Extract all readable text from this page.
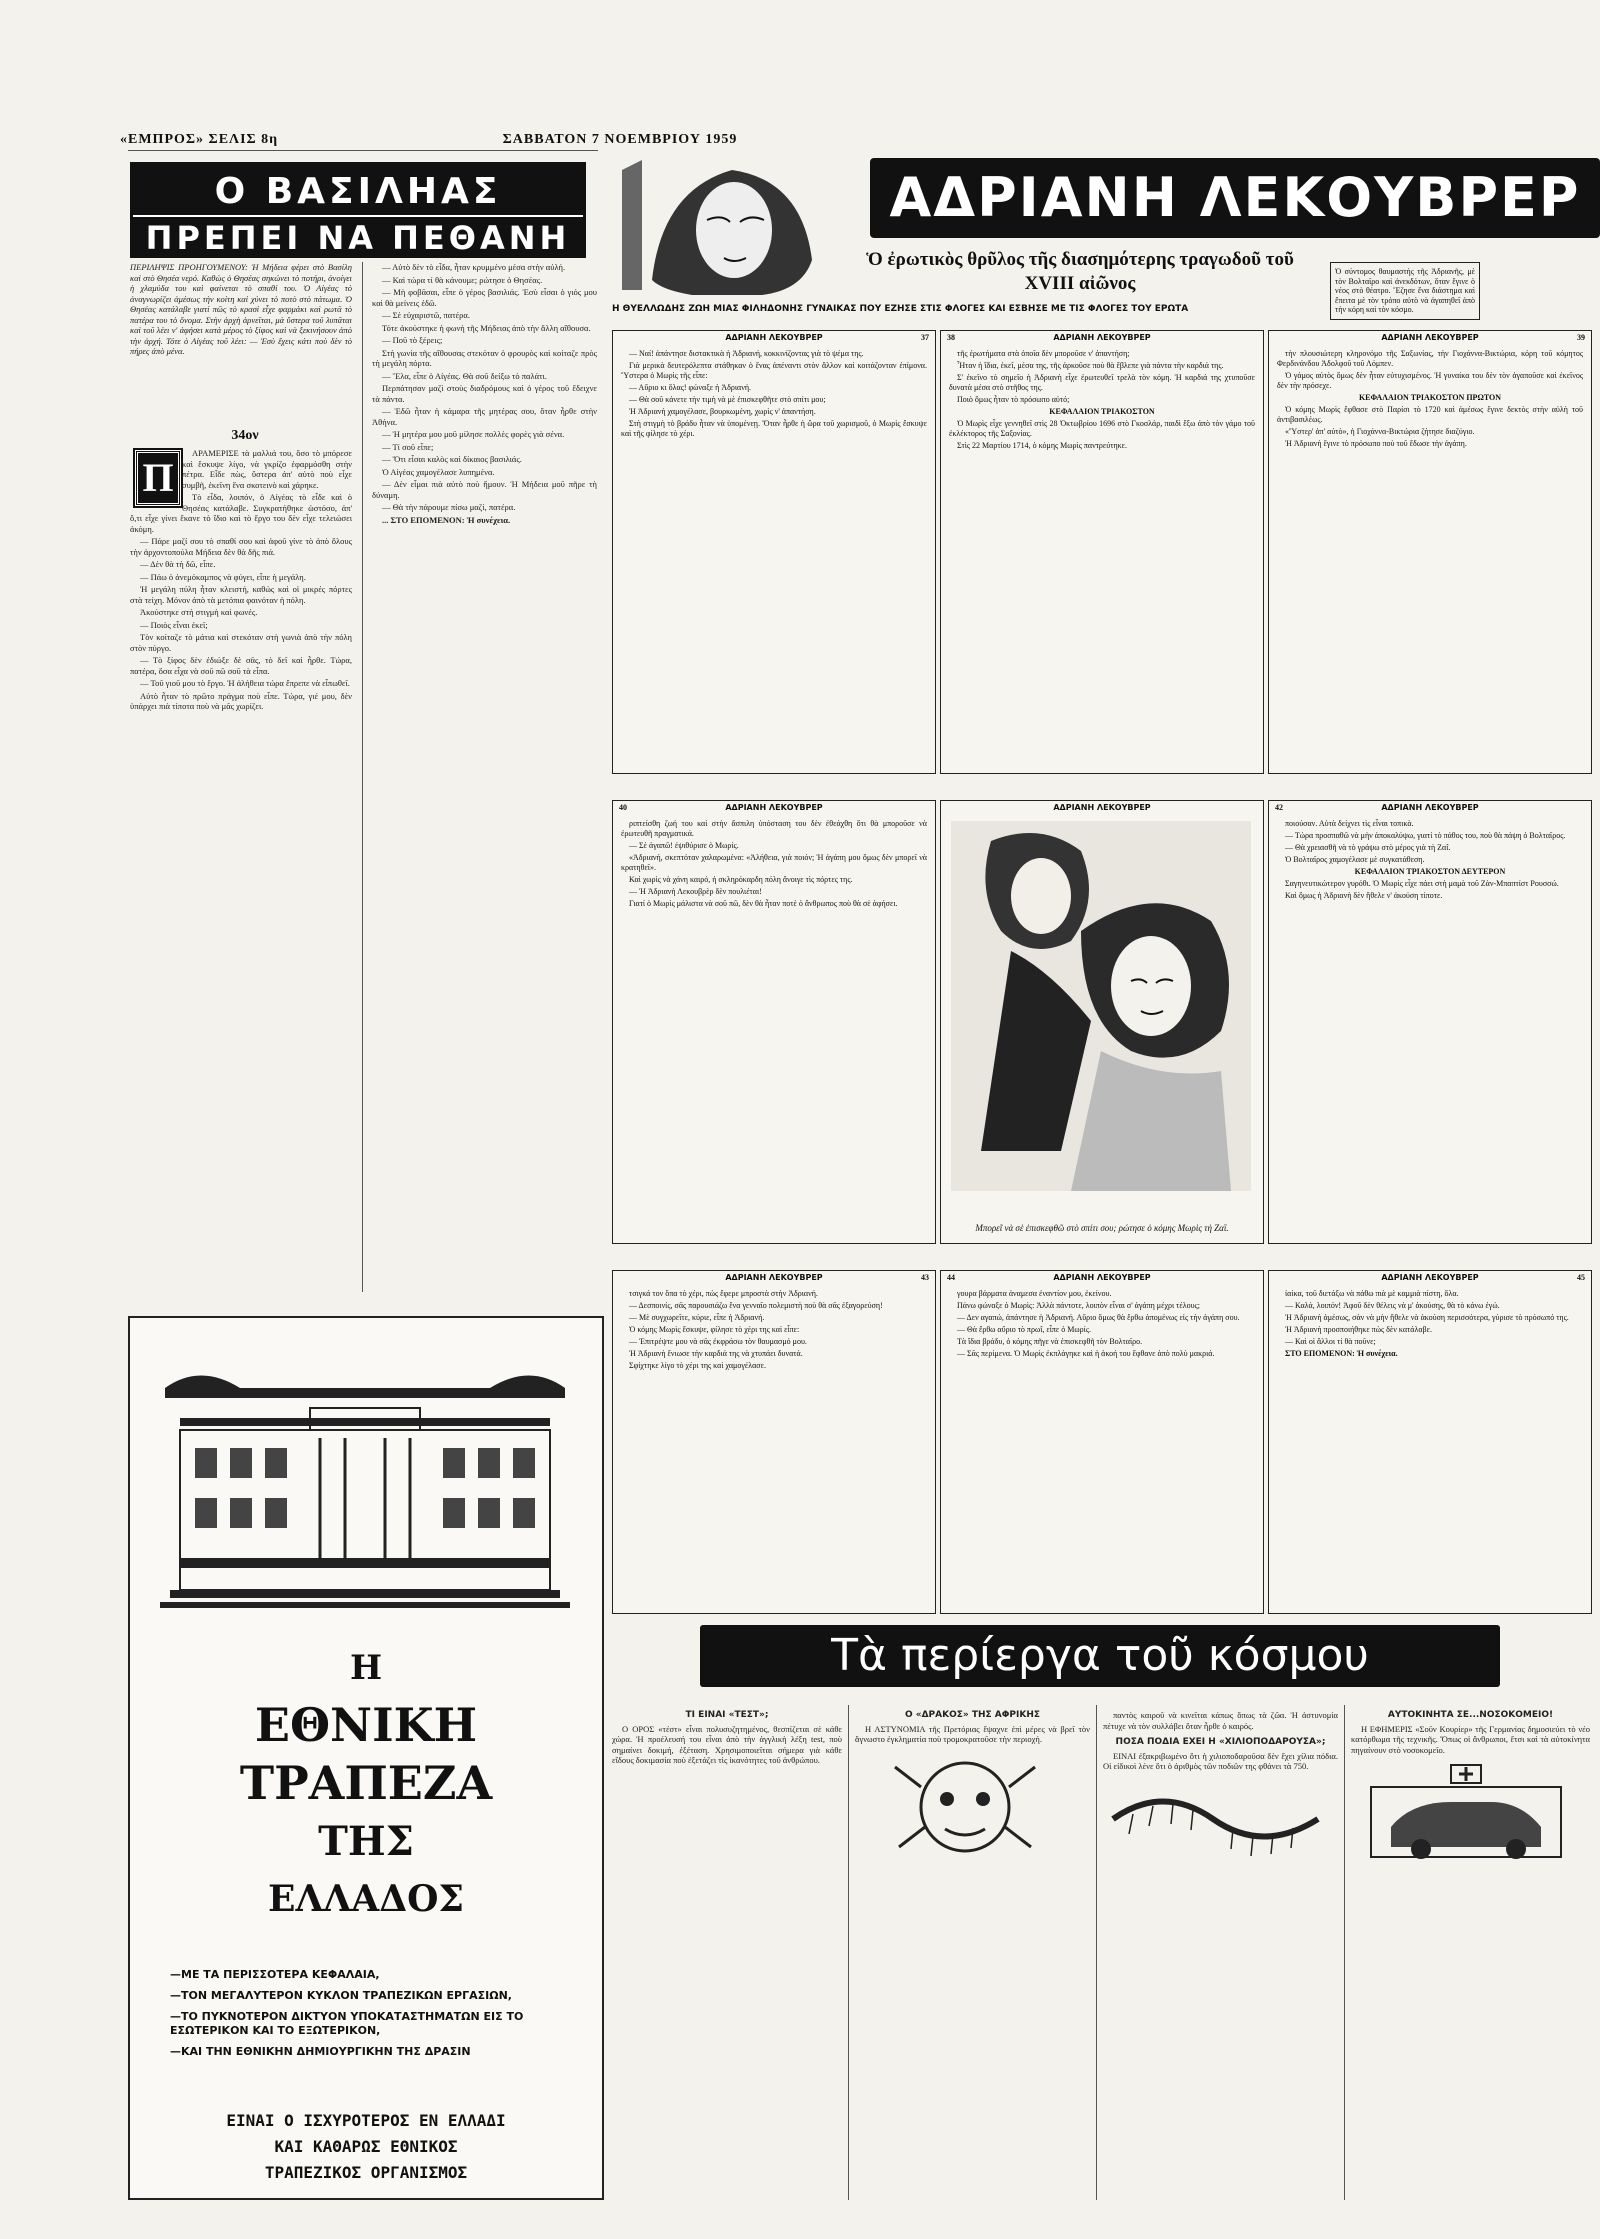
«ΕΜΠΡΟΣ» ΣΕΛΙΣ 8η	ΣΑΒΒΑΤΟΝ 7 ΝΟΕΜΒΡΙΟΥ 1959
Ο ΒΑΣΙΛΗΑΣ
ΠΡΕΠΕΙ ΝΑ ΠΕΘΑΝΗ
ΠΕΡΙΛΗΨΙΣ ΠΡΟΗΓΟΥΜΕΝΟΥ: Ἡ Μήδεια φέρει στὸ Βασίλη καὶ στὸ Θησέα νερό. Καθὼς ὁ Θησέας σηκώνει τὸ ποτήρι, ἀνοίγει ἡ χλαμύδα του καὶ φαίνεται τὸ σπαθί του. Ὁ Αἰγέας τὸ ἀναγνωρίζει ἀμέσως τὴν κοίτη καὶ χύνει τὸ ποτὸ στὸ πάτωμα. Ὁ Θησέας κατάλαβε γιατί πῶς τὸ κρασὶ εἶχε φαρμάκι καὶ ρωτᾶ τὸ πατέρα του τὸ ὄνομα. Στὴν ἀρχὴ ἀρνεῖται, μὰ ὕστερα τοῦ λυπᾶται καὶ τοῦ λέει ν' ἀφήσει κατὰ μέρος τὸ ξίφος καὶ νὰ ξεκινήσουν ἀπὸ τὴν ἀρχή. Τότε ὁ Αἰγέας τοῦ λέει: — Ἐσὺ ἔχεις κάτι ποὺ δὲν τὸ πήρες ἀπὸ μένα.
34ον
Π

ΑΡΑΜΕΡΙΣΕ τὰ μαλλιά του, ὅσο τὸ μπόρεσε καὶ ἔσκυψε λίγο, νὰ γκρίζο ἐφαρμόσθη στὴν πέτρα. Εἶδε πὼς, ὕστερα ἀπ' αὐτὸ ποὺ εἶχε συμβῆ, ἐκεῖνη ἕνα σκοτεινὸ καὶ χάρηκε.

Τὸ εἶδα, λοιπόν, ὁ Αἰγέας τὸ εἶδε καὶ ὁ Θησέας κατάλαβε. Συγκρατήθηκε ὡστόσο, ἀπ' ὅ,τι εἶχε γίνει ἔκανε τὸ ἴδιο καὶ τὸ ἔργο του δὲν εἶχε τελειώσει ἀκόμη.

— Πάρε μαζί σου τὸ σπαθί σου καὶ ἀφοῦ γίνε τὸ ἀπὸ ὅλους τὴν ἀρχοντοπούλα Μήδεια δὲν θὰ δῆς πιά.

— Δὲν θὰ τὴ δῶ, εἶπε.

— Πάω ὁ ἀνεμόκαμπος νὰ φύγει, εἶπε ἡ μεγάλη.

Ἡ μεγάλη πύλη ἦταν κλειστή, καθὼς καὶ οἱ μικρές πόρτες στὰ τείχη. Μόνον ἀπὸ τὰ μετόπια φαινόταν ἡ πόλη.

Ἀκούστηκε στὴ στιγμὴ καὶ φωνές.

— Ποιὸς εἶναι ἐκεῖ;

Τὸν κοίταζε τὸ μάτια καὶ στεκόταν στὴ γωνιὰ ἀπὸ τὴν πόλη στὸν πύργο.

— Τὸ ξίφος δὲν ἐδιώξε δὲ σᾶς, τὸ δεῖ καὶ ἦρθε. Τώρα, πατέρα, ὅσα εἶχα νὰ σοῦ πῶ σοῦ τὰ εἶπα.

— Τοῦ γιοῦ μου τὸ ἔργο. Ἡ ἀλήθεια τώρα ἔπρεπε νὰ εἶπωθεῖ.

Αὐτὸ ἦταν τὸ πρῶτο πράγμα ποὺ εἶπε. Τώρα, γιέ μου, δὲν ὑπάρχει πιὰ τίποτα ποὺ νὰ μᾶς χωρίζει.

— Αὐτὸ δὲν τὸ εἶδα, ἦταν κρυμμένο μέσα στὴν αὐλή.

— Καὶ τώρα τί θὰ κάνουμε; ρώτησε ὁ Θησέας.

— Μὴ φοβᾶσαι, εἶπε ὁ γέρος βασιλιάς. Ἐσὺ εἶσαι ὁ γιός μου καὶ θὰ μείνεις ἐδῶ.

— Σὲ εὐχαριστῶ, πατέρα.

Τότε ἀκούστηκε ἡ φωνὴ τῆς Μήδειας ἀπὸ τὴν ἄλλη αἴθουσα.

— Ποῦ τὸ ξέρεις;

Στὴ γωνία τῆς αἴθουσας στεκόταν ὁ φρουρὸς καὶ κοίταζε πρὸς τὴ μεγάλη πόρτα.

— Ἔλα, εἶπε ὁ Αἰγέας. Θὰ σοῦ δείξω τὸ παλάτι.

Περπάτησαν μαζὶ στοὺς διαδρόμους καὶ ὁ γέρος τοῦ ἔδειχνε τὰ πάντα.

— Ἐδῶ ἦταν ἡ κάμαρα τῆς μητέρας σου, ὅταν ἦρθε στὴν Ἀθήνα.

— Ἡ μητέρα μου μοῦ μίλησε πολλὲς φορὲς γιὰ σένα.

— Τί σοῦ εἶπε;

— Ὅτι εἶσαι καλὸς καὶ δίκαιος βασιλιάς.

Ὁ Αἰγέας χαμογέλασε λυπημένα.

— Δὲν εἶμαι πιὰ αὐτὸ ποὺ ἤμουν. Ἡ Μήδεια μοῦ πῆρε τὴ δύναμη.

— Θὰ τὴν πάρουμε πίσω μαζί, πατέρα.

... ΣΤΟ ΕΠΟΜΕΝΟΝ: Ἡ συνέχεια.

Η
ΕΘΝΙΚΗ
ΤΡΑΠΕΖΑ
ΤΗΣ
ΕΛΛΑΔΟΣ
—ΜΕ ΤΑ ΠΕΡΙΣΣΟΤΕΡΑ ΚΕΦΑΛΑΙΑ,
—ΤΟΝ ΜΕΓΑΛΥΤΕΡΟΝ ΚΥΚΛΟΝ ΤΡΑΠΕΖΙΚΩΝ ΕΡΓΑΣΙΩΝ,
—ΤΟ ΠΥΚΝΟΤΕΡΟΝ ΔΙΚΤΥΟΝ ΥΠΟΚΑΤΑΣΤΗΜΑΤΩΝ ΕΙΣ ΤΟ ΕΣΩΤΕΡΙΚΟΝ ΚΑΙ ΤΟ ΕΞΩΤΕΡΙΚΟΝ,
—ΚΑΙ ΤΗΝ ΕΘΝΙΚΗΝ ΔΗΜΙΟΥΡΓΙΚΗΝ ΤΗΣ ΔΡΑΣΙΝ
ΕΙΝΑΙ Ο ΙΣΧΥΡΟΤΕΡΟΣ ΕΝ ΕΛΛΑΔΙ
ΚΑΙ ΚΑΘΑΡΩΣ ΕΘΝΙΚΟΣ
ΤΡΑΠΕΖΙΚΟΣ ΟΡΓΑΝΙΣΜΟΣ
ΑΔΡΙΑΝΗ ΛΕΚΟΥΒΡΕΡ
Ὁ ἐρωτικὸς θρῦλος τῆς διασημότερης τραγωδοῦ τοῦ XVIII αἰῶνος
Η ΘΥΕΛΛΩΔΗΣ ΖΩΗ ΜΙΑΣ ΦΙΛΗΔΟΝΗΣ ΓΥΝΑΙΚΑΣ ΠΟΥ ΕΖΗΣΕ ΣΤΙΣ ΦΛΟΓΕΣ ΚΑΙ ΕΣΒΗΣΕ ΜΕ ΤΙΣ ΦΛΟΓΕΣ ΤΟΥ ΕΡΩΤΑ
Ὁ σύντομος θαυμαστής τῆς Ἀδριανῆς, μὲ τὸν Βολταῖρο καὶ ἀνεκδότων, ὅταν ἔγινε ὁ νέος στὸ θέατρο. Ἔζησε ἕνα διάστημα καὶ ἔπειτα μὲ τὸν τρόπο αὐτὸ νὰ ἀγαπηθεῖ ἀπὸ τὴν κόρη καὶ τὸν κόσμο.
ΑΔΡΙΑΝΗ ΛΕΚΟΥΒΡΕΡ	37

— Ναί! ἀπάντησε διστακτικὰ ἡ Ἀδριανή, κοκκινίζοντας γιὰ τὸ ψέμα της.

Γιὰ μερικὰ δευτερόλεπτα στάθηκαν ὁ ἕνας ἀπέναντι στὸν ἄλλον καὶ κοιτάζονταν ἐπίμονα. Ὕστερα ὁ Μωρὶς τῆς εἶπε:

— Αὔριο κι ὅλας! φώναξε ἡ Ἀδριανή.

— Θὰ σοῦ κάνετε τὴν τιμὴ νὰ μὲ ἐπισκεφθῆτε στὸ σπίτι μου;

Ἡ Ἀδριανὴ χαμογέλασε, βουρκωμένη, χωρὶς ν' ἀπαντήση.

Στὴ στιγμὴ τὸ βράδυ ἦταν νὰ ὑπομένεῃ. Ὅταν ἦρθε ἡ ὥρα τοῦ χωρισμοῦ, ὁ Μωρὶς ἔσκυψε καὶ τῆς φίλησε τὸ χέρι.

ΑΔΡΙΑΝΗ ΛΕΚΟΥΒΡΕΡ
38

τῆς ἐρωτήματα στὰ ὁποῖα δὲν μποροῦσε ν' ἀπαντήση;

Ἦταν ἡ ἴδια, ἐκεῖ, μέσα της, τῆς ἀρκοῦσε ποὺ θὰ ἔβλεπε γιὰ πάντα τὴν καρδιά της.

Σ' ἐκεῖνο τὸ σημεῖο ἡ Ἀδριανὴ εἶχε ἐρωτευθεῖ τρελὰ τὸν κόμη. Ἡ καρδιά της χτυποῦσε δυνατὰ μέσα στὸ στῆθος της.

Ποιὸ ὅμως ἦταν τὸ πρόσωπο αὐτό;

ΚΕΦΑΛΑΙΟΝ ΤΡΙΑΚΟΣΤΟΝ

Ὁ Μωρὶς εἶχε γεννηθεῖ στὶς 28 Ὀκτωβρίου 1696 στὸ Γκοσλάρ, παιδὶ ἔξω ἀπὸ τὸν γάμο τοῦ ἐκλέκτορος τῆς Σαξονίας.

Στὶς 22 Μαρτίου 1714, ὁ κόμης Μωρὶς παντρεύτηκε.

ΑΔΡΙΑΝΗ ΛΕΚΟΥΒΡΕΡ	39

τὴν πλουσιώτερη κληρονόμο τῆς Σαξωνίας, τὴν Γιοχάννα-Βικτώρια, κόρη τοῦ κόμητος Φερδινάνδου Ἀδολφοῦ τοῦ Λόμπεν.

Ὁ γάμος αὐτὸς ὅμως δὲν ἦταν εὐτυχισμένος. Ἡ γυναίκα του δὲν τὸν ἀγαποῦσε καὶ ἐκεῖνος δὲν τὴν πρόσεχε.

ΚΕΦΑΛΑΙΟΝ ΤΡΙΑΚΟΣΤΟΝ ΠΡΩΤΟΝ

Ὁ κόμης Μωρὶς ἔφθασε στὸ Παρίσι τὸ 1720 καὶ ἀμέσως ἔγινε δεκτὸς στὴν αὐλὴ τοῦ ἀντιβασιλέως.

«Ὕστερ' ἀπ' αὐτὸ», ἡ Γιοχάννα-Βικτώρια ζήτησε διαζύγιο.

Ἡ Ἀδριανὴ ἔγινε τὸ πρόσωπο ποὺ τοῦ ἔδωσε τὴν ἀγάπη.

ΑΔΡΙΑΝΗ ΛΕΚΟΥΒΡΕΡ
40

ριπτείσθη ζωή του καὶ στὴν ἄσπιλη ὑπόσταση του δὲν ἐθεάχθη ὅτι θὰ μποροῦσε νὰ ἐρωτευθῆ πραγματικά.

— Σὲ ἀγαπῶ! ἐψιθύρισε ὁ Μωρίς.

«Ἀδριανή, σκεπτόταν χαλαρωμένα: «Ἀλήθεια, γιὰ ποιόν; Ἡ ἀγάπη μου ὅμως δὲν μπορεῖ νὰ κρατηθεῖ».

Καὶ χωρὶς νὰ χάνη καιρό, ἡ σκληρόκαρδη πόλη ἄνοιγε τὶς πόρτες της.

— Ἡ Ἀδριανὴ Λεκουβρὲρ δὲν πουλιέται!

Γιατί ὁ Μωρὶς μάλιστα νὰ σοῦ πῶ, δὲν θὰ ἦταν ποτὲ ὁ ἄνθρωπος ποὺ θὰ σὲ ἀφήσει.

ΑΔΡΙΑΝΗ ΛΕΚΟΥΒΡΕΡ
Μπορεῖ νὰ σὲ ἐπισκεφθῶ στὸ σπίτι σου; ρώτησε ὁ κόμης Μωρὶς τὴ Ζαΐ.
ΑΔΡΙΑΝΗ ΛΕΚΟΥΒΡΕΡ
42

ποιούσαν. Αὐτὰ δείχνει τὶς εἶναι τοπικὰ.

— Τώρα προσπαθῶ νὰ μὴν ἀποκαλύψω, γιατί τὸ πάθος του, ποὺ θὰ πάψη ὁ Βολταῖρος.

— Θὰ χρειασθῆ νὰ τὸ γράψω στὸ μέρος γιὰ τὴ Ζαΐ.

Ὁ Βολταῖρος χαμογέλασε μὲ συγκατάθεση.

ΚΕΦΑΛΑΙΟΝ ΤΡΙΑΚΟΣΤΟΝ ΔΕΥΤΕΡΟΝ

Σαγηνευτικώτερον γυρόθι. Ὁ Μωρὶς εἶχε πάει στὴ μαμὰ τοῦ Ζὰν-Μπαπτίστ Ρουσσώ.

Καὶ ὅμως ἡ Ἀδριανὴ δὲν ἤθελε ν' ἀκούση τίποτε.

ΑΔΡΙΑΝΗ ΛΕΚΟΥΒΡΕΡ	43

τσιγκά τον ὅπα τὸ χέρι, πὼς ἔφερε μπροστὰ στὴν Ἀδριανή.

— Δεσποινίς, σᾶς παρουσιάζω ἕνα γενναῖο πολεμιστὴ ποὺ θὰ σᾶς ἐξαγορεύση!

— Μὲ συγχωρεῖτε, κύριε, εἶπε ἡ Ἀδριανή.

Ὁ κόμης Μωρὶς ἔσκυψε, φίλησε τὸ χέρι της καὶ εἶπε:

— Ἐπιτρέψτε μου νὰ σᾶς ἐκφράσω τὸν θαυμασμό μου.

Ἡ Ἀδριανὴ ἔνιωσε τὴν καρδιά της νὰ χτυπάει δυνατά.

Σφίχτηκε λίγο τὸ χέρι της καὶ χαμογέλασε.

ΑΔΡΙΑΝΗ ΛΕΚΟΥΒΡΕΡ
44

γουρα βάρματα ἀναμεσα ἐναντίον μου, ἐκείνου.

Πάνω φώναξε ὁ Μωρὶς: Ἀλλὰ πάντοτε, λοιπὸν εἶναι σ' ἀγάπη μέχρι τέλους;

— Δεν αγαπώ, ἀπάντησε ἡ Ἀδριανή. Αὔριο ὅμως θὰ ἔρθω ἀπομένως εἰς τὴν ἀγάπη σου.

— Θὰ ἔρθω αὔριο τὸ πρωΐ, εἶπε ὁ Μωρίς.

Τὰ ἴδια βράδυ, ὁ κόμης πῆγε νὰ ἐπισκεφθῆ τὸν Βολταῖρο.

— Σᾶς περίμενα. Ὁ Μωρὶς ἐκπλάγηκε καὶ ἡ ἀκοή του ἔφθανε ἀπὸ πολὺ μακριά.

ΑΔΡΙΑΝΗ ΛΕΚΟΥΒΡΕΡ	45

ἰαίκα, τοῦ διετάξω νὰ πάθω πιὰ μὲ καμμιὰ πίστη, ὅλα.

— Καλά, λοιπόν! Ἀφοῦ δὲν θέλεις νὰ μ' ἀκούσης, θὰ τὸ κάνω ἐγώ.

Ἡ Ἀδριανὴ ἀμέσως, σὰν νὰ μὴν ἤθελε νὰ ἀκούση περισσότερα, γύρισε τὸ πρόσωπό της.

Ἡ Ἀδριανὴ προσποιήθηκε πὼς δὲν κατάλαβε.

— Καὶ οἱ ἄλλοι τί θὰ ποῦνε;

ΣΤΟ ΕΠΟΜΕΝΟΝ: Ἡ συνέχεια.

Τὰ περίεργα τοῦ κόσμου
ΤΙ ΕΙΝΑΙ «ΤΕΣΤ»;

Ο ΟΡΟΣ «τέστ» εἶναι πολυσυζητημένος, θεσπίζεται σὲ κάθε χώρα. Ἡ προέλευσή του εἶναι ἀπὸ τὴν ἀγγλικὴ λέξη test, ποὺ σημαίνει δοκιμή, ἐξέταση. Χρησιμοποιεῖται σήμερα γιὰ κάθε εἴδους δοκιμασία ποὺ ἐξετάζει τὶς ἱκανότητες τοῦ ἀνθρώπου.

Ο «ΔΡΑΚΟΣ» ΤΗΣ ΑΦΡΙΚΗΣ

Η ΑΣΤΥΝΟΜΙΑ τῆς Πρετόριας ἔψαχνε ἐπὶ μέρες νὰ βρεῖ τὸν ἄγνωστο ἐγκληματία ποὺ τρομοκρατοῦσε τὴν περιοχή.

παντὸς καιροῦ νὰ κινεῖται κάπως ὅπως τὰ ζῶα. Ἡ ἀστυνομία πέτυχε νὰ τὸν συλλάβει ὅταν ἦρθε ὁ καιρός.

ΠΟΣΑ ΠΟΔΙΑ ΕΧΕΙ Η «ΧΙΛΙΟΠΟΔΑΡΟΥΣΑ»;

ΕΙΝΑΙ ἐξακριβωμένο ὅτι ἡ χιλιοποδαροῦσα δὲν ἔχει χίλια πόδια. Οἱ εἰδικοὶ λένε ὅτι ὁ ἀριθμὸς τῶν ποδιῶν της φθάνει τὰ 750.

ΑΥΤΟΚΙΝΗΤΑ ΣΕ...ΝΟΣΟΚΟΜΕΙΟ!

Η ΕΦΗΜΕΡΙΣ «Σοῦν Κουρίερ» τῆς Γερμανίας δημοσιεύει τὸ νέο κατόρθωμα τῆς τεχνικῆς. Ὅπως οἱ ἄνθρωποι, ἔτσι καὶ τὰ αὐτοκίνητα πηγαίνουν στὸ νοσοκομεῖο.
